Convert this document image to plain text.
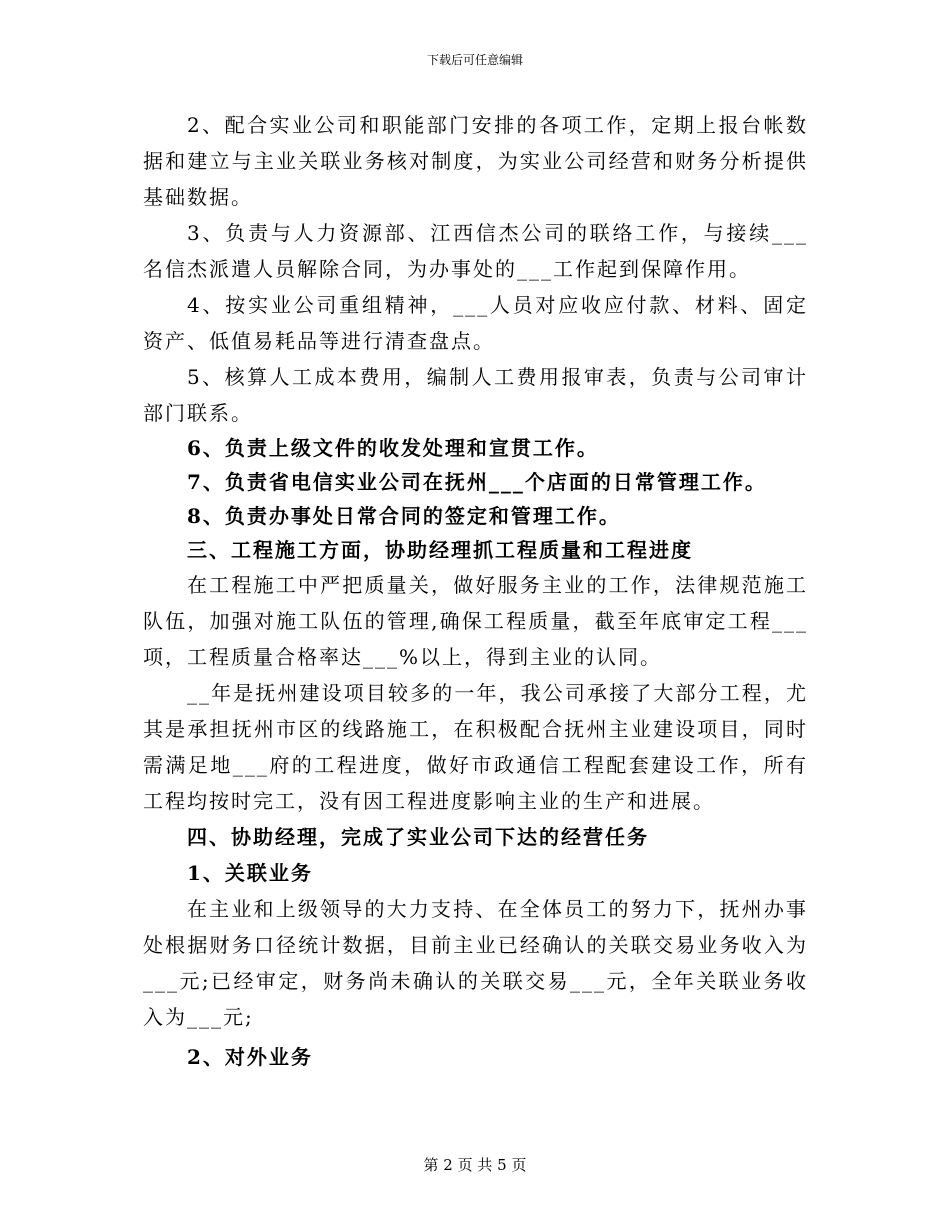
下载后可任意编辑

2、配合实业公司和职能部门安排的各项工作，定期上报台帐数据和建立与主业关联业务核对制度，为实业公司经营和财务分析提供基础数据。

3、负责与人力资源部、江西信杰公司的联络工作，与接续___名信杰派遣人员解除合同，为办事处的___工作起到保障作用。

4、按实业公司重组精神，___人员对应收应付款、材料、固定资产、低值易耗品等进行清查盘点。

5、核算人工成本费用，编制人工费用报审表，负责与公司审计部门联系。

6、负责上级文件的收发处理和宣贯工作。

7、负责省电信实业公司在抚州___个店面的日常管理工作。

8、负责办事处日常合同的签定和管理工作。

三、工程施工方面，协助经理抓工程质量和工程进度

在工程施工中严把质量关，做好服务主业的工作，法律规范施工队伍，加强对施工队伍的管理,确保工程质量，截至年底审定工程___项，工程质量合格率达___%以上，得到主业的认同。

__年是抚州建设项目较多的一年，我公司承接了大部分工程，尤其是承担抚州市区的线路施工，在积极配合抚州主业建设项目，同时需满足地___府的工程进度，做好市政通信工程配套建设工作，所有工程均按时完工，没有因工程进度影响主业的生产和进展。

四、协助经理，完成了实业公司下达的经营任务

1、关联业务

在主业和上级领导的大力支持、在全体员工的努力下，抚州办事处根据财务口径统计数据，目前主业已经确认的关联交易业务收入为___元;已经审定，财务尚未确认的关联交易___元，全年关联业务收入为___元;

2、对外业务

第 2 页 共 5 页
